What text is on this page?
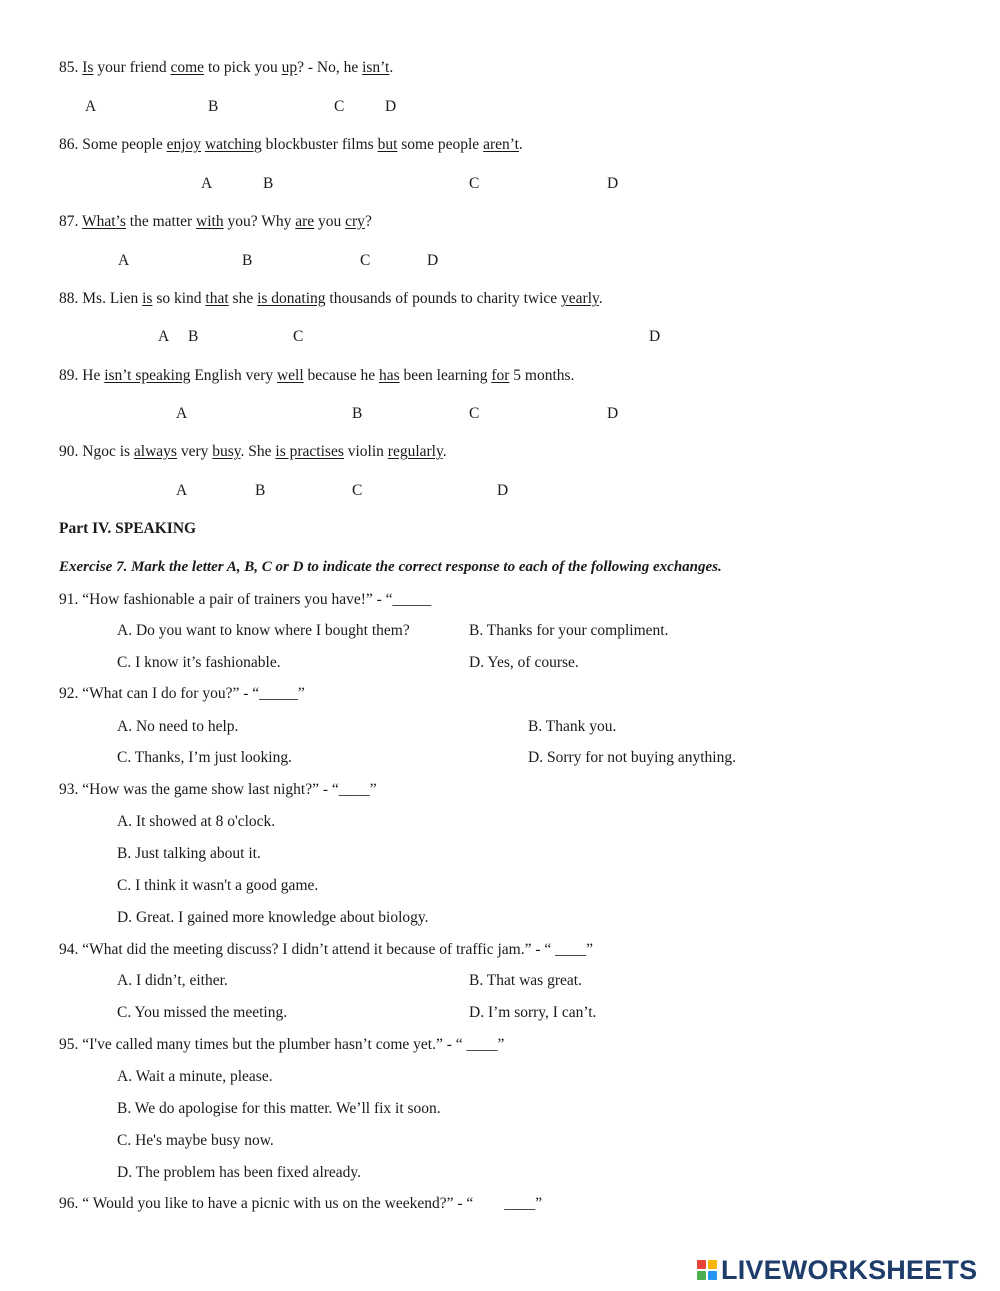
85. Is your friend come to pick you up? - No, he isn’t.
A	B	C	D
86. Some people enjoy watching blockbuster films but some people aren’t.
A	B	C	D
87. What’s the matter with you? Why are you cry?
A	B	C	D
88. Ms. Lien is so kind that she is donating thousands of pounds to charity twice yearly.
A B	C	D
89. He isn’t speaking English very well because he has been learning for 5 months.
A	B	C	D
90. Ngoc is always very busy. She is practises violin regularly.
A	B	C	D
Part IV. SPEAKING
Exercise 7. Mark the letter A, B, C or D to indicate the correct response to each of the following exchanges.
91. “How fashionable a pair of trainers you have!” - “_____
A. Do you want to know where I bought them?	B. Thanks for your compliment.
C. I know it’s fashionable.	D. Yes, of course.
92. “What can I do for you?” - “_____”
A. No need to help.	B. Thank you.
C. Thanks, I’m just looking.	D. Sorry for not buying anything.
93. “How was the game show last night?” - “____”
A. It showed at 8 o'clock.
B. Just talking about it.
C. I think it wasn't a good game.
D. Great. I gained more knowledge about biology.
94. “What did the meeting discuss? I didn’t attend it because of traffic jam.” - “ ____”
A. I didn’t, either.	B. That was great.
C. You missed the meeting.	D. I’m sorry, I can’t.
95. “I've called many times but the plumber hasn’t come yet.” - “ ____”
A. Wait a minute, please.
B. We do apologise for this matter. We’ll fix it soon.
C. He's maybe busy now.
D. The problem has been fixed already.
96. “ Would you like to have a picnic with us on the weekend?” - “        ____”
LIVEWORKSHEETS
